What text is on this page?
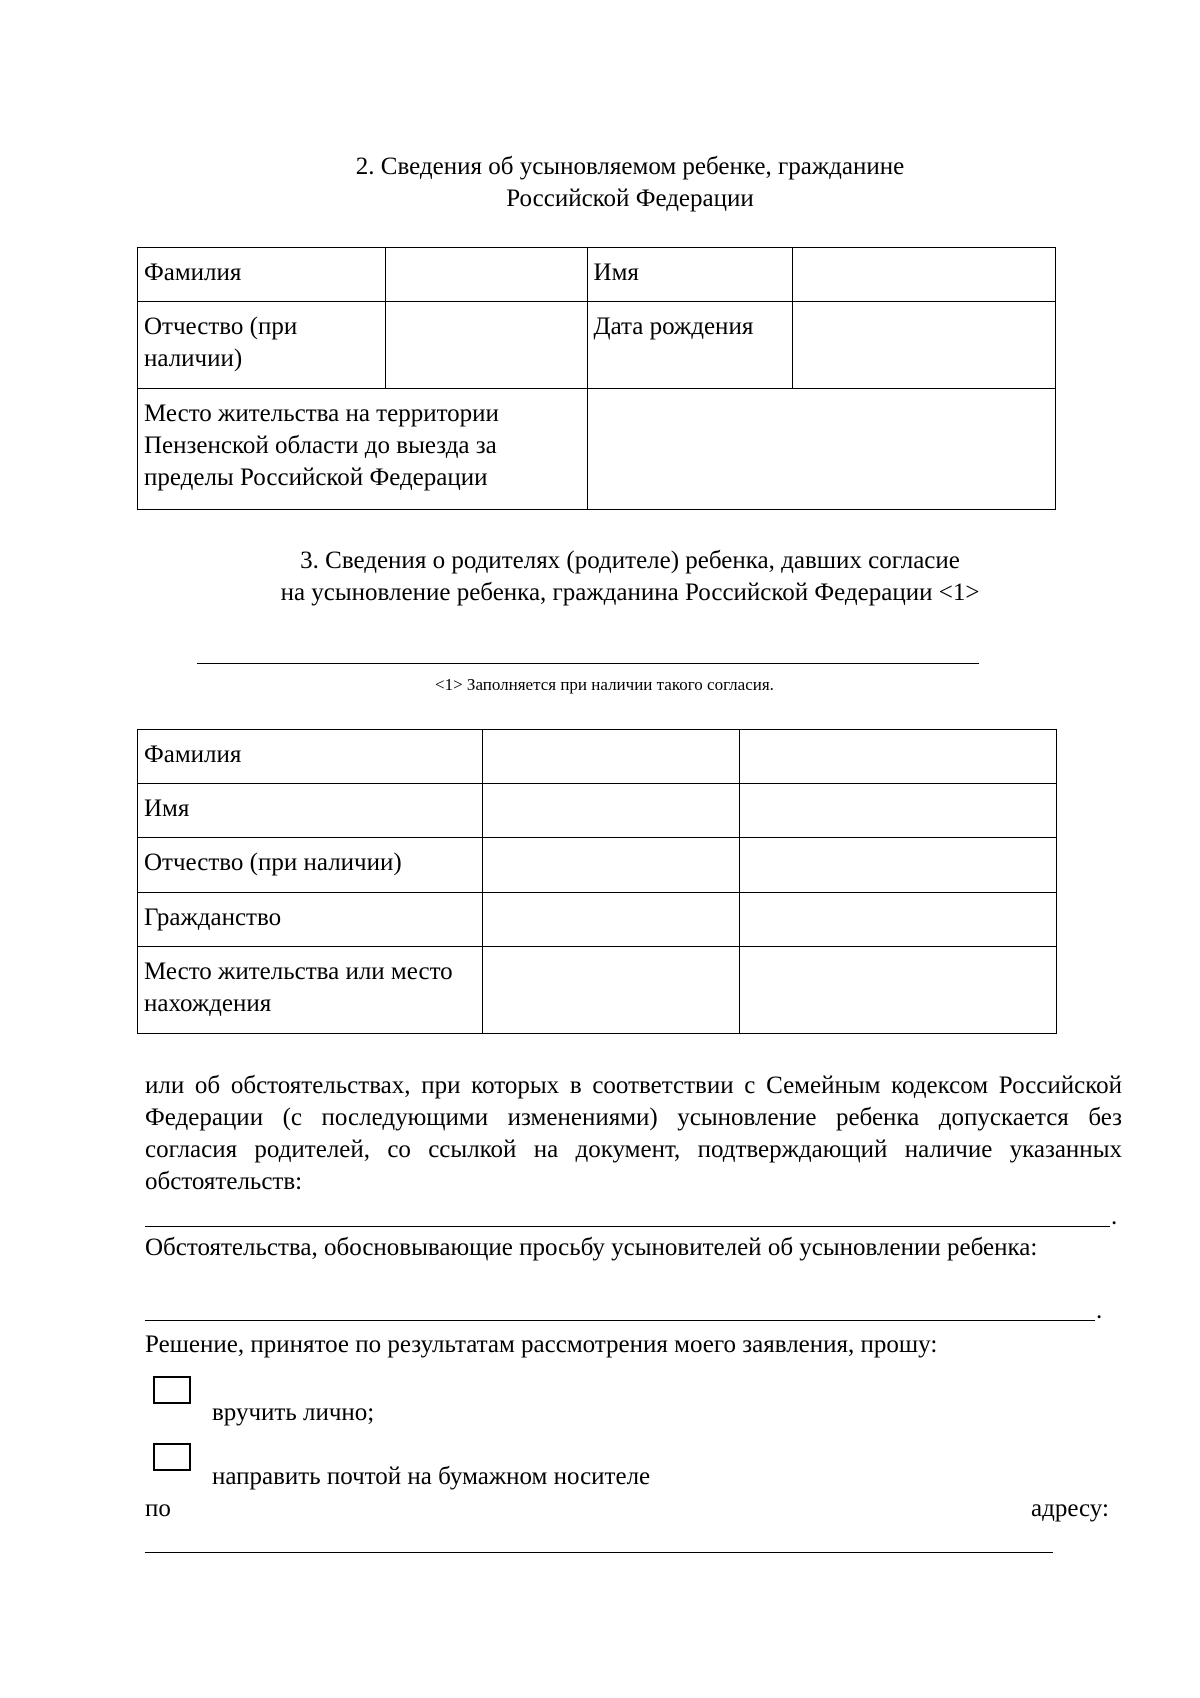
2. Сведения об усыновляемом ребенке, гражданине
Российской Федерации
Фамилия		Имя	
Отчество (при наличии)		Дата рождения	
Место жительства на территории Пензенской области до выезда за пределы Российской Федерации			
3. Сведения о родителях (родителе) ребенка, давших согласие
на усыновление ребенка, гражданина Российской Федерации <1>
<1> Заполняется при наличии такого согласия.
Фамилия		
Имя		
Отчество (при наличии)		
Гражданство		
Место жительства или место нахождения		
или об обстоятельствах, при которых в соответствии с Семейным кодексом Российской Федерации (с последующими изменениями) усыновление ребенка допускается без согласия родителей, со ссылкой на документ, подтверждающий наличие указанных обстоятельств:
.
Обстоятельства, обосновывающие просьбу усыновителей об усыновлении ребенка:
.
Решение, принятое по результатам рассмотрения моего заявления, прошу:
вручить лично;
направить почтой на бумажном носителе
по	адресу:
